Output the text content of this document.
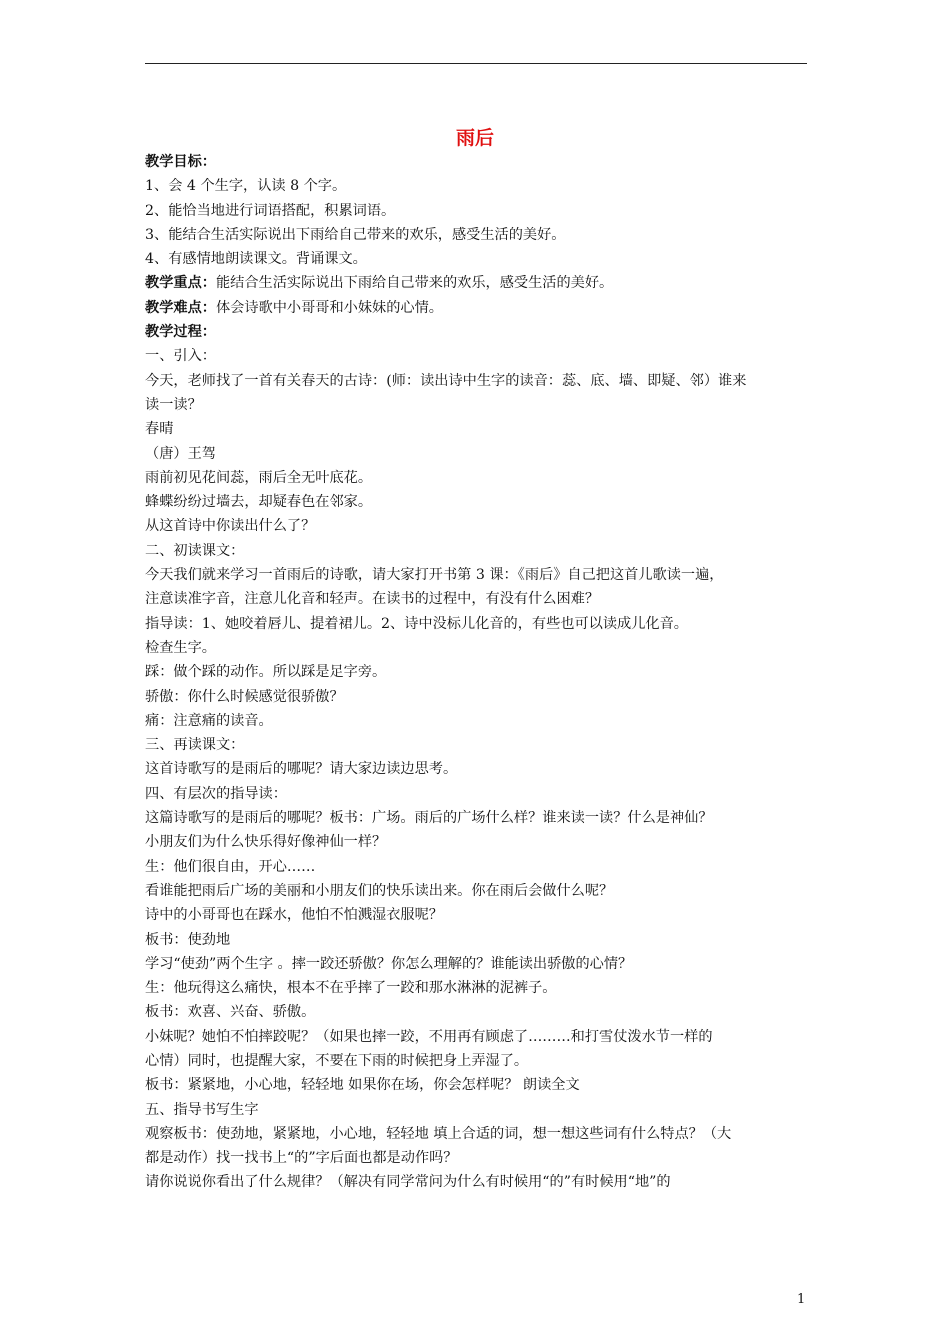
雨后
教学目标：
1、会 4 个生字，认读 8 个字。
2、能恰当地进行词语搭配，积累词语。
3、能结合生活实际说出下雨给自己带来的欢乐，感受生活的美好。
4、有感情地朗读课文。背诵课文。
教学重点：能结合生活实际说出下雨给自己带来的欢乐，感受生活的美好。
教学难点：体会诗歌中小哥哥和小妹妹的心情。
教学过程：
一、引入：
今天，老师找了一首有关春天的古诗：(师：读出诗中生字的读音：蕊、底、墙、即疑、邻）谁来
读一读？
春晴
（唐）王驾
雨前初见花间蕊，雨后全无叶底花。
蜂蝶纷纷过墙去，却疑春色在邻家。
从这首诗中你读出什么了？
二、初读课文：
今天我们就来学习一首雨后的诗歌，请大家打开书第 3 课：《雨后》自己把这首儿歌读一遍，
注意读准字音，注意儿化音和轻声。在读书的过程中，有没有什么困难？
指导读：1、她咬着唇儿、提着裙儿。2、诗中没标儿化音的，有些也可以读成儿化音。
检查生字。
踩：做个踩的动作。所以踩是足字旁。
骄傲：你什么时候感觉很骄傲？
痛：注意痛的读音。
三、再读课文：
这首诗歌写的是雨后的哪呢？请大家边读边思考。
四、有层次的指导读：
这篇诗歌写的是雨后的哪呢？板书：广场。雨后的广场什么样？谁来读一读？什么是神仙？
小朋友们为什么快乐得好像神仙一样？
生：他们很自由，开心……
看谁能把雨后广场的美丽和小朋友们的快乐读出来。你在雨后会做什么呢？
诗中的小哥哥也在踩水，他怕不怕溅湿衣服呢？
板书：使劲地
学习“使劲”两个生字 。摔一跤还骄傲？你怎么理解的？谁能读出骄傲的心情？
生：他玩得这么痛快，根本不在乎摔了一跤和那水淋淋的泥裤子。
板书：欢喜、兴奋、骄傲。
小妹呢？她怕不怕摔跤呢？（如果也摔一跤，不用再有顾虑了………和打雪仗泼水节一样的
心情）同时，也提醒大家，不要在下雨的时候把身上弄湿了。
板书：紧紧地，小心地，轻轻地 如果你在场，你会怎样呢？ 朗读全文
五、指导书写生字
观察板书：使劲地，紧紧地，小心地，轻轻地 填上合适的词，想一想这些词有什么特点？（大
都是动作）找一找书上“的”字后面也都是动作吗？
请你说说你看出了什么规律？（解决有同学常问为什么有时候用“的”有时候用“地”的
1
